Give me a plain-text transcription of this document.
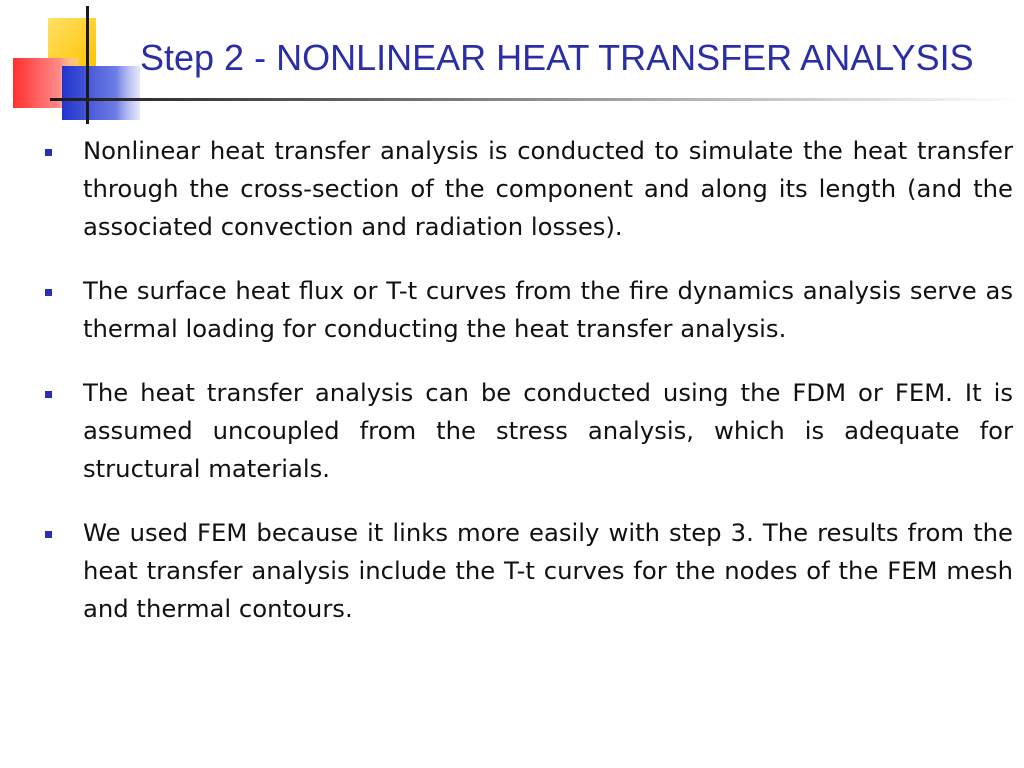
Step 2 - NONLINEAR HEAT TRANSFER ANALYSIS

Nonlinear heat transfer analysis is conducted to simulate the heat transfer through the cross-section of the component and along its length (and the associated convection and radiation losses).

The surface heat flux or T-t curves from the fire dynamics analysis serve as thermal loading for conducting the heat transfer analysis.

The heat transfer analysis can be conducted using the FDM or FEM. It is assumed uncoupled from the stress analysis, which is adequate for structural materials.

We used FEM because it links more easily with step 3. The results from the heat transfer analysis include the T-t curves for the nodes of the FEM mesh and thermal contours.
